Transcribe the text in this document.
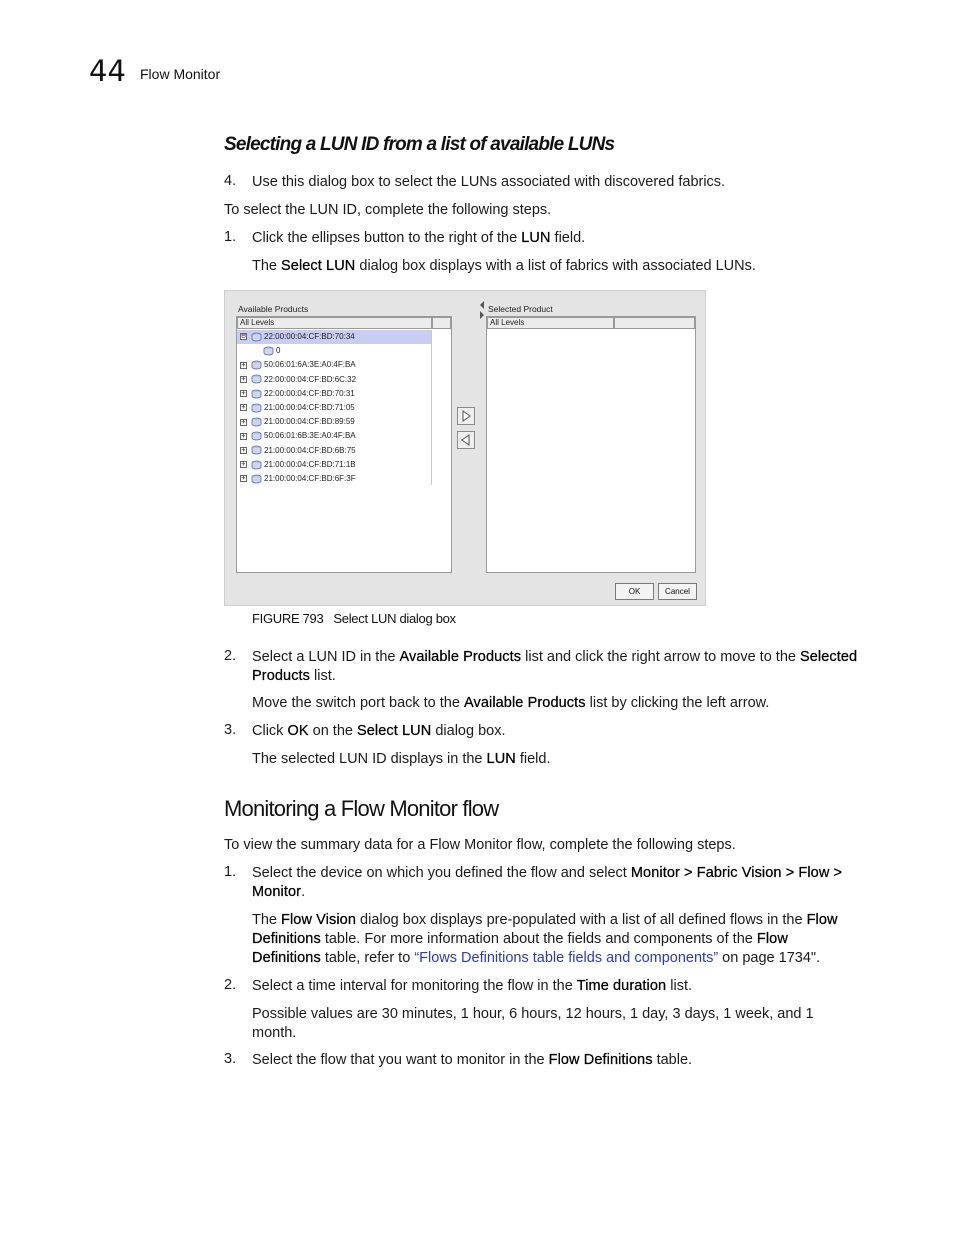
44 Flow Monitor
Selecting a LUN ID from a list of available LUNs
4. Use this dialog box to select the LUNs associated with discovered fabrics.
To select the LUN ID, complete the following steps.
1. Click the ellipses button to the right of the LUN field.
The Select LUN dialog box displays with a list of fabrics with associated LUNs.
Available Products
All Levels
⊟ 22:00:00:04:CF:BD:70:34
0
+ 50:06:01:6A:3E:A0:4F:BA
+ 22:00:00:04:CF:BD:6C:32
+ 22:00:00:04:CF:BD:70:31
+ 21:00:00:04:CF:BD:71:05
+ 21:00:00:04:CF:BD:89:59
+ 50:06:01:6B:3E:A0:4F:BA
+ 21:00:00:04:CF:BD:6B:75
+ 21:00:00:04:CF:BD:71:1B
+ 21:00:00:04:CF:BD:6F:3F
Selected Product
All Levels
OK	Cancel
FIGURE 793 Select LUN dialog box
2. Select a LUN ID in the Available Products list and click the right arrow to move to the Selected
Products list.
Move the switch port back to the Available Products list by clicking the left arrow.
3. Click OK on the Select LUN dialog box.
The selected LUN ID displays in the LUN field.
Monitoring a Flow Monitor flow
To view the summary data for a Flow Monitor flow, complete the following steps.
1. Select the device on which you defined the flow and select Monitor > Fabric Vision > Flow >
Monitor.
The Flow Vision dialog box displays pre-populated with a list of all defined flows in the Flow
Definitions table. For more information about the fields and components of the Flow
Definitions table, refer to “Flows Definitions table fields and components” on page 1734".
2. Select a time interval for monitoring the flow in the Time duration list.
Possible values are 30 minutes, 1 hour, 6 hours, 12 hours, 1 day, 3 days, 1 week, and 1
month.
3. Select the flow that you want to monitor in the Flow Definitions table.
